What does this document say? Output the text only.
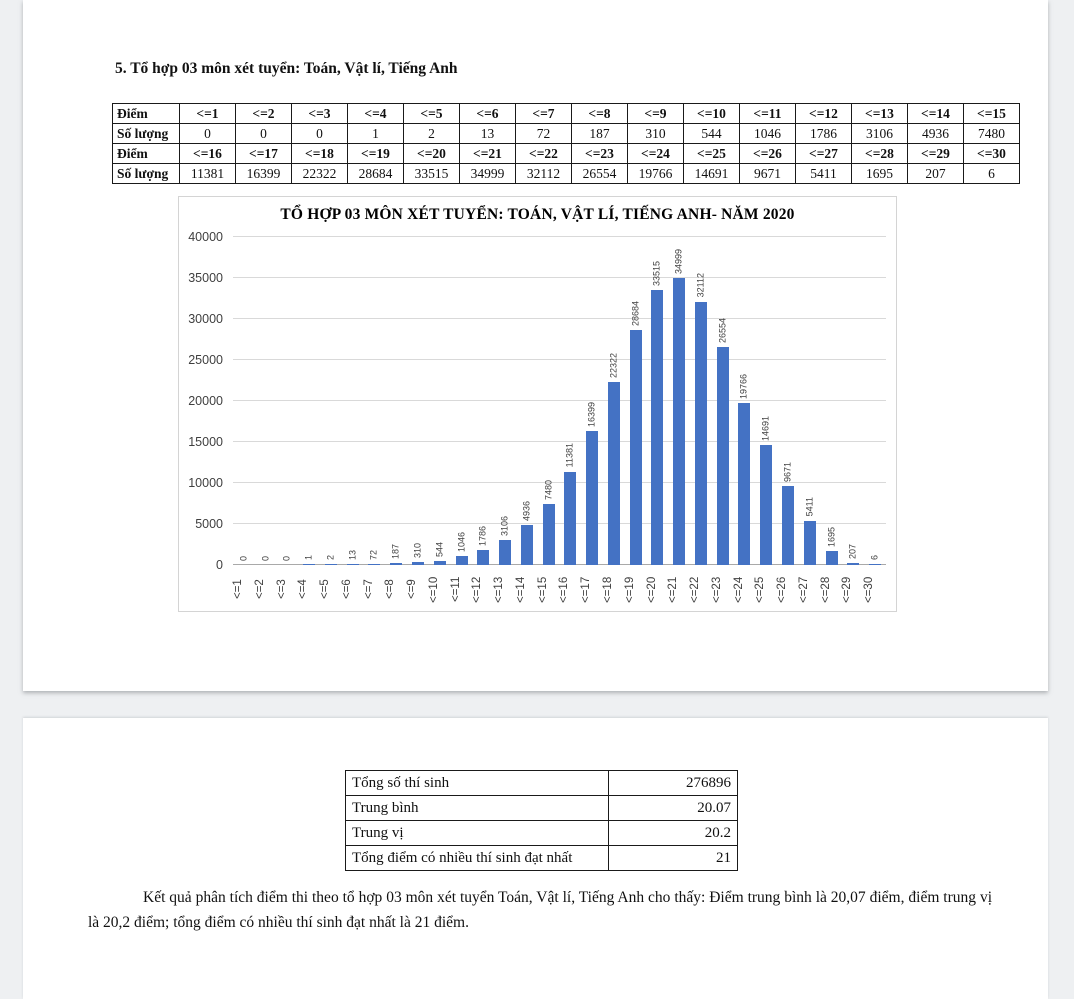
5. Tổ hợp 03 môn xét tuyển: Toán, Vật lí, Tiếng Anh
Điểm	<=1	<=2	<=3	<=4	<=5	<=6	<=7	<=8	<=9	<=10	<=11	<=12	<=13	<=14	<=15
Số lượng	0	0	0	1	2	13	72	187	310	544	1046	1786	3106	4936	7480
Điểm	<=16	<=17	<=18	<=19	<=20	<=21	<=22	<=23	<=24	<=25	<=26	<=27	<=28	<=29	<=30
Số lượng	11381	16399	22322	28684	33515	34999	32112	26554	19766	14691	9671	5411	1695	207	6
TỔ HỢP 03 MÔN XÉT TUYỂN: TOÁN, VẬT LÍ, TIẾNG ANH- NĂM 2020
0
5000
10000
15000
20000
25000
30000
35000
40000
0 0 0 1 2 13 72 187 310 544 1046 1786
3106
4936
7480
11381
16399
22322
28684
33515 34999
32112
26554
19766
14691
9671
5411
1695
207 6
<=1 <=2 <=3 <=4 <=5 <=6 <=7 <=8 <=9 <=10 <=11 <=12 <=13 <=14 <=15 <=16 <=17 <=18 <=19 <=20 <=21 <=22 <=23 <=24 <=25 <=26 <=27 <=28 <=29 <=30
Tổng số thí sinh	276896
Trung bình	20.07
Trung vị	20.2
Tổng điểm có nhiều thí sinh đạt nhất	21
Kết quả phân tích điểm thi theo tổ hợp 03 môn xét tuyển Toán, Vật lí, Tiếng Anh cho thấy: Điểm trung bình là 20,07 điểm, điểm trung vị là 20,2 điểm; tổng điểm có nhiều thí sinh đạt nhất là 21 điểm.
